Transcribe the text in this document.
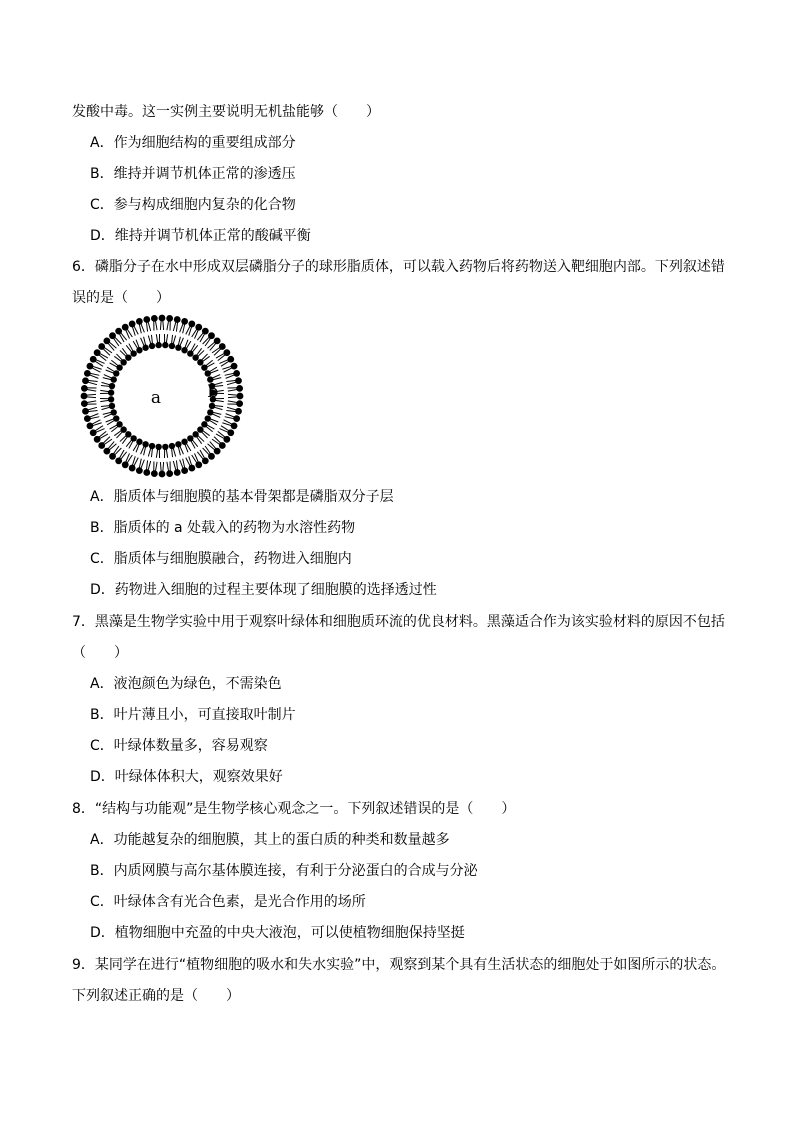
发酸中毒。这一实例主要说明无机盐能够（　　）
A．作为细胞结构的重要组成部分
B．维持并调节机体正常的渗透压
C．参与构成细胞内复杂的化合物
D．维持并调节机体正常的酸碱平衡
6．磷脂分子在水中形成双层磷脂分子的球形脂质体，可以载入药物后将药物送入靶细胞内部。下列叙述错
误的是（　　）
a	b
A．脂质体与细胞膜的基本骨架都是磷脂双分子层
B．脂质体的 a 处载入的药物为水溶性药物
C．脂质体与细胞膜融合，药物进入细胞内
D．药物进入细胞的过程主要体现了细胞膜的选择透过性
7．黑藻是生物学实验中用于观察叶绿体和细胞质环流的优良材料。黑藻适合作为该实验材料的原因不包括
（　　）
A．液泡颜色为绿色，不需染色
B．叶片薄且小，可直接取叶制片
C．叶绿体数量多，容易观察
D．叶绿体体积大，观察效果好
8．“结构与功能观”是生物学核心观念之一。下列叙述错误的是（　　）
A．功能越复杂的细胞膜，其上的蛋白质的种类和数量越多
B．内质网膜与高尔基体膜连接，有利于分泌蛋白的合成与分泌
C．叶绿体含有光合色素，是光合作用的场所
D．植物细胞中充盈的中央大液泡，可以使植物细胞保持坚挺
9．某同学在进行“植物细胞的吸水和失水实验”中，观察到某个具有生活状态的细胞处于如图所示的状态。
下列叙述正确的是（　　）
